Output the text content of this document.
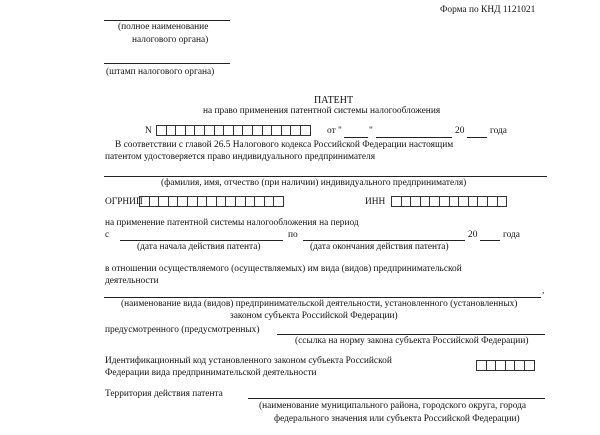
Форма по КНД 1121021
(полное наименование
налогового органа)
(штамп налогового органа)
ПАТЕНТ
на право применения патентной системы налогообложения
N	от "	"	20	года
В соответствии с главой 26.5 Налогового кодекса Российской Федерации настоящим
патентом удостоверяется право индивидуального предпринимателя
(фамилия, имя, отчество (при наличии) индивидуального предпринимателя)
ОГРНИП	ИНН
на применение патентной системы налогообложения на период
с	по	20	года
(дата начала действия патента)	(дата окончания действия патента)
в отношении осуществляемого (осуществляемых) им вида (видов) предпринимательской
деятельности
,
(наименование вида (видов) предпринимательской деятельности, установленного (установленных)
законом субъекта Российской Федерации)
предусмотренного (предусмотренных)
(ссылка на норму закона субъекта Российской Федерации)
Идентификационный код установленного законом субъекта Российской
Федерации вида предпринимательской деятельности
Территория действия патента
(наименование муниципального района, городского округа, города
федерального значения или субъекта Российской Федерации)
